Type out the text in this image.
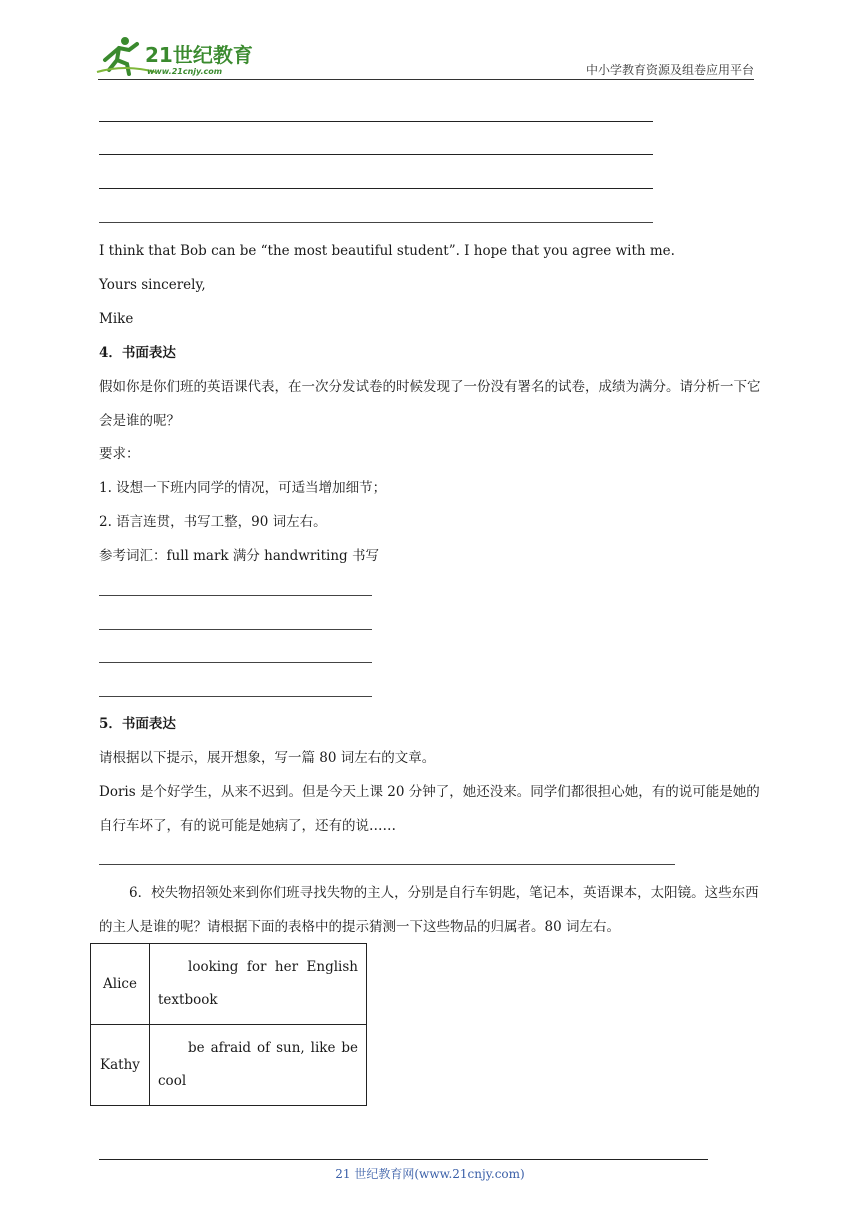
21世纪教育
www.21cnjy.com	中小学教育资源及组卷应用平台
I think that Bob can be “the most beautiful student”. I hope that you agree with me.
Yours sincerely,
Mike
4．书面表达
假如你是你们班的英语课代表，在一次分发试卷的时候发现了一份没有署名的试卷，成绩为满分。请分析一下它会是谁的呢？
要求：
1. 设想一下班内同学的情况，可适当增加细节；
2. 语言连贯，书写工整，90 词左右。
参考词汇：full mark 满分 handwriting 书写
5．书面表达
请根据以下提示，展开想象，写一篇 80 词左右的文章。
Doris 是个好学生，从来不迟到。但是今天上课 20 分钟了，她还没来。同学们都很担心她，有的说可能是她的自行车坏了，有的说可能是她病了，还有的说……
6．校失物招领处来到你们班寻找失物的主人，分别是自行车钥匙，笔记本，英语课本，太阳镜。这些东西的主人是谁的呢？请根据下面的表格中的提示猜测一下这些物品的归属者。80 词左右。
Alice	looking for her English textbook
Kathy	be afraid of sun, like be cool
21 世纪教育网(www.21cnjy.com)
